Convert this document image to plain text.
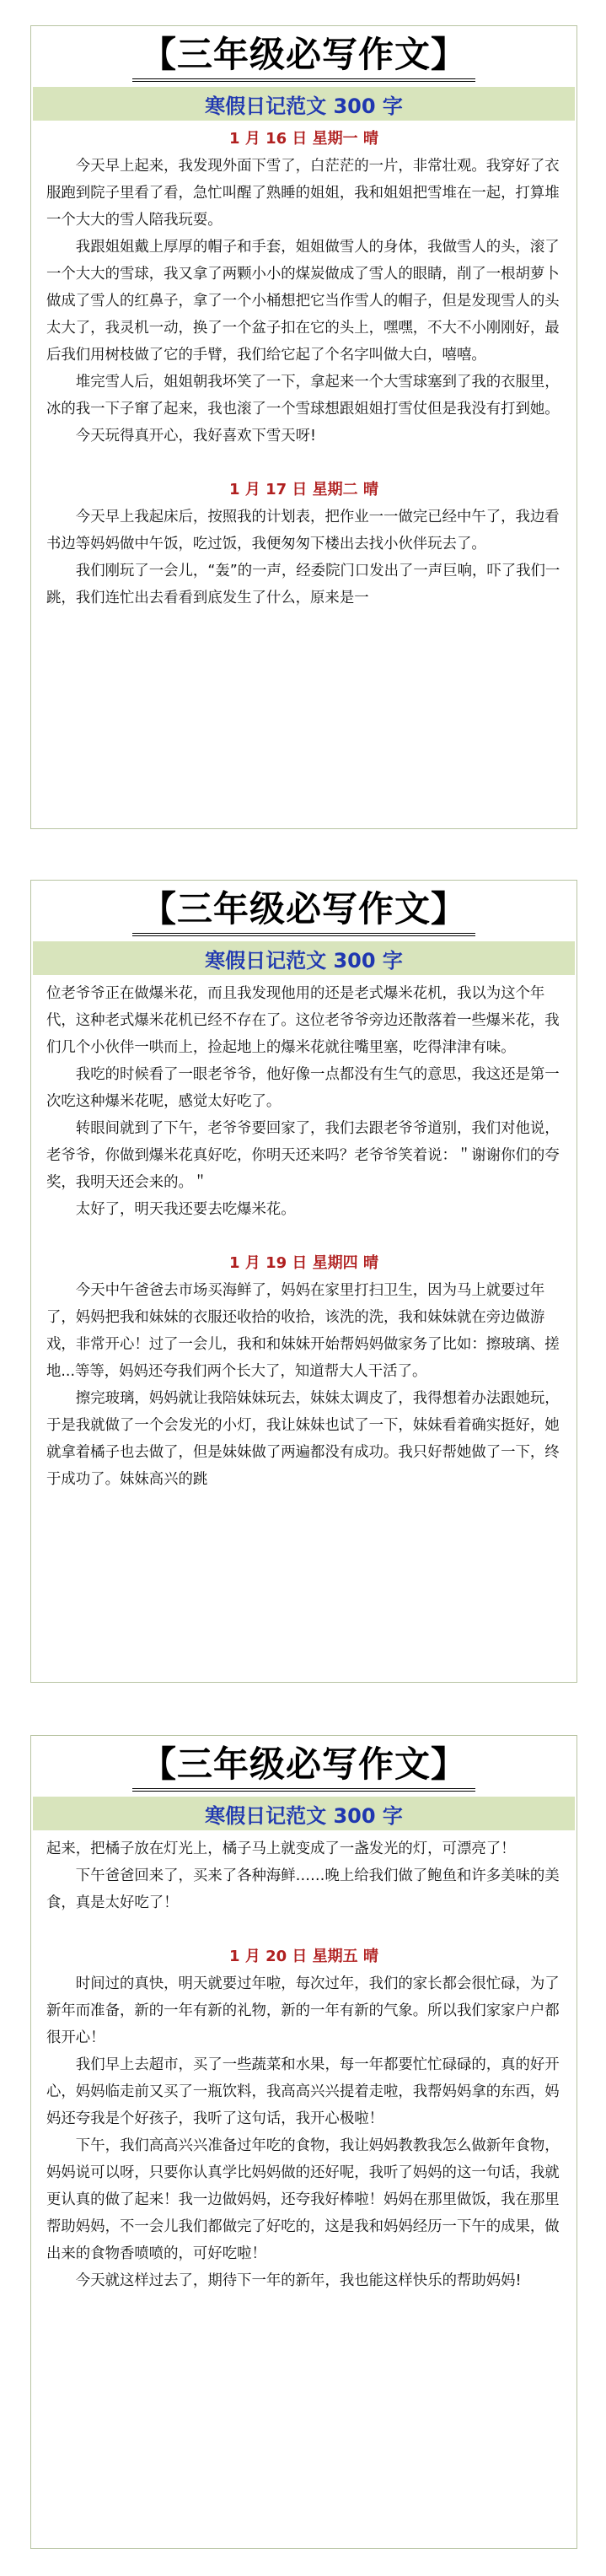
【三年级必写作文】
寒假日记范文 300 字
1 月 16 日 星期一 晴

今天早上起来，我发现外面下雪了，白茫茫的一片，非常壮观。我穿好了衣服跑到院子里看了看，急忙叫醒了熟睡的姐姐，我和姐姐把雪堆在一起，打算堆一个大大的雪人陪我玩耍。

我跟姐姐戴上厚厚的帽子和手套，姐姐做雪人的身体，我做雪人的头，滚了一个大大的雪球，我又拿了两颗小小的煤炭做成了雪人的眼睛，削了一根胡萝卜做成了雪人的红鼻子，拿了一个小桶想把它当作雪人的帽子，但是发现雪人的头太大了，我灵机一动，换了一个盆子扣在它的头上，嘿嘿，不大不小刚刚好，最后我们用树枝做了它的手臂，我们给它起了个名字叫做大白，嘻嘻。

堆完雪人后，姐姐朝我坏笑了一下，拿起来一个大雪球塞到了我的衣服里，冰的我一下子窜了起来，我也滚了一个雪球想跟姐姐打雪仗但是我没有打到她。

今天玩得真开心，我好喜欢下雪天呀!

1 月 17 日 星期二 晴

今天早上我起床后，按照我的计划表，把作业一一做完已经中午了，我边看书边等妈妈做中午饭，吃过饭，我便匆匆下楼出去找小伙伴玩去了。

我们刚玩了一会儿，“轰”的一声，经委院门口发出了一声巨响，吓了我们一跳，我们连忙出去看看到底发生了什么，原来是一

【三年级必写作文】
寒假日记范文 300 字

位老爷爷正在做爆米花，而且我发现他用的还是老式爆米花机，我以为这个年代，这种老式爆米花机已经不存在了。这位老爷爷旁边还散落着一些爆米花，我们几个小伙伴一哄而上，捡起地上的爆米花就往嘴里塞，吃得津津有味。

我吃的时候看了一眼老爷爷，他好像一点都没有生气的意思，我这还是第一次吃这种爆米花呢，感觉太好吃了。

转眼间就到了下午，老爷爷要回家了，我们去跟老爷爷道别，我们对他说，老爷爷，你做到爆米花真好吃，你明天还来吗？老爷爷笑着说：＂谢谢你们的夸奖，我明天还会来的。＂

太好了，明天我还要去吃爆米花。

1 月 19 日 星期四 晴

今天中午爸爸去市场买海鲜了，妈妈在家里打扫卫生，因为马上就要过年了，妈妈把我和妹妹的衣服还收拾的收拾，该洗的洗，我和妹妹就在旁边做游戏，非常开心！过了一会儿，我和和妹妹开始帮妈妈做家务了比如：擦玻璃、搓地...等等，妈妈还夸我们两个长大了，知道帮大人干活了。

擦完玻璃，妈妈就让我陪妹妹玩去，妹妹太调皮了，我得想着办法跟她玩，于是我就做了一个会发光的小灯，我让妹妹也试了一下，妹妹看着确实挺好，她就拿着橘子也去做了，但是妹妹做了两遍都没有成功。我只好帮她做了一下，终于成功了。妹妹高兴的跳

【三年级必写作文】
寒假日记范文 300 字

起来，把橘子放在灯光上，橘子马上就变成了一盏发光的灯，可漂亮了！

下午爸爸回来了，买来了各种海鲜……晚上给我们做了鲍鱼和许多美味的美食，真是太好吃了！

1 月 20 日 星期五 晴

时间过的真快，明天就要过年啦，每次过年，我们的家长都会很忙碌，为了新年而准备，新的一年有新的礼物，新的一年有新的气象。所以我们家家户户都很开心！

我们早上去超市，买了一些蔬菜和水果，每一年都要忙忙碌碌的，真的好开心，妈妈临走前又买了一瓶饮料，我高高兴兴提着走啦，我帮妈妈拿的东西，妈妈还夸我是个好孩子，我听了这句话，我开心极啦！

下午，我们高高兴兴准备过年吃的食物，我让妈妈教教我怎么做新年食物，妈妈说可以呀，只要你认真学比妈妈做的还好呢，我听了妈妈的这一句话，我就更认真的做了起来！我一边做妈妈，还夸我好棒啦！妈妈在那里做饭，我在那里帮助妈妈，不一会儿我们都做完了好吃的，这是我和妈妈经历一下午的成果，做出来的食物香喷喷的，可好吃啦！

今天就这样过去了，期待下一年的新年，我也能这样快乐的帮助妈妈!
